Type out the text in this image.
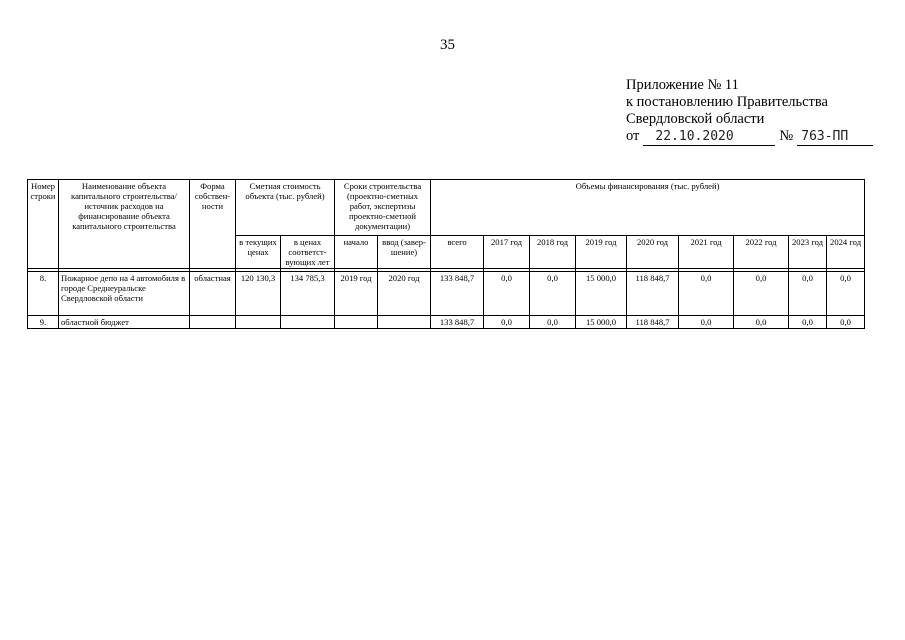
35
Приложение № 11
к постановлению Правительства
Свердловской области
от 22.10.2020	№ 763-ПП
Номер строки	Наименование объекта капитального строительства/ источник расходов на финансирование объекта капитального строительства	Форма собствен-ности	Сметная стоимость объекта (тыс. рублей)		Сроки строительства (проектно-сметных работ, экспертизы проектно-сметной документации)		Объемы финансирования (тыс. рублей)								
			в текущих ценах	в ценах соответст-вующих лет	начало	ввод (завер-шение)	всего	2017 год	2018 год	2019 год	2020 год	2021 год	2022 год	2023 год	2024 год

8.	Пожарное депо на 4 автомобиля в городе Среднеуральске Свердловской области	областная	120 130,3	134 785,3	2019 год	2020 год	133 848,7	0,0	0,0	15 000,0	118 848,7	0,0	0,0	0,0	0,0
9.	областной бюджет						133 848,7	0,0	0,0	15 000,0	118 848,7	0,0	0,0	0,0	0,0
